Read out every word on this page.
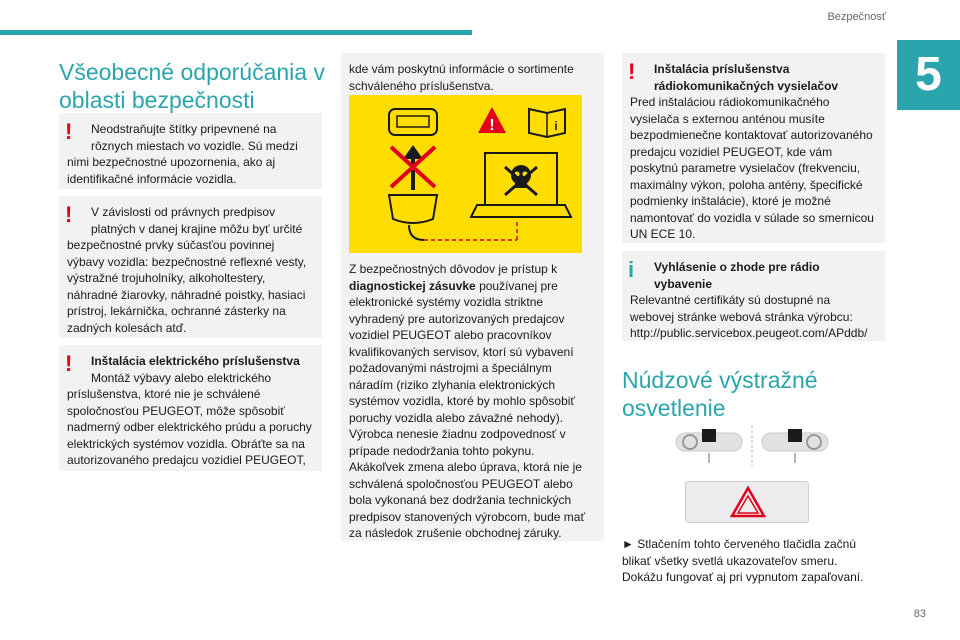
Bezpečnosť
5
83
Všeobecné odporúčania v
oblasti bezpečnosti
!	Neodstraňujte štítky pripevnené na
rôznych miestach vo vozidle. Sú medzi
nimi bezpečnostné upozornenia, ako aj
identifikačné informácie vozidla.
!	V závislosti od právnych predpisov
platných v danej krajine môžu byť určité
bezpečnostné prvky súčasťou povinnej
výbavy vozidla: bezpečnostné reflexné vesty,
výstražné trojuholníky, alkoholtestery,
náhradné žiarovky, náhradné poistky, hasiaci
prístroj, lekárnička, ochranné zásterky na
zadných kolesách atď.
!	Inštalácia elektrického príslušenstva
Montáž výbavy alebo elektrického
príslušenstva, ktoré nie je schválené
spoločnosťou PEUGEOT, môže spôsobiť
nadmerný odber elektrického prúdu a poruchy
elektrických systémov vozidla. Obráťte sa na
autorizovaného predajcu vozidiel PEUGEOT,
kde vám poskytnú informácie o sortimente
schváleného príslušenstva.
!	i
Z bezpečnostných dôvodov je prístup k
diagnostickej zásuvke používanej pre
elektronické systémy vozidla striktne
vyhradený pre autorizovaných predajcov
vozidiel PEUGEOT alebo pracovníkov
kvalifikovaných servisov, ktorí sú vybavení
požadovanými nástrojmi a špeciálnym
náradím (riziko zlyhania elektronických
systémov vozidla, ktoré by mohlo spôsobiť
poruchy vozidla alebo závažné nehody).
Výrobca nenesie žiadnu zodpovednosť v
prípade nedodržania tohto pokynu.
Akákoľvek zmena alebo úprava, ktorá nie je
schválená spoločnosťou PEUGEOT alebo
bola vykonaná bez dodržania technických
predpisov stanovených výrobcom, bude mať
za následok zrušenie obchodnej záruky.
!	Inštalácia príslušenstva
rádiokomunikačných vysielačov
Pred inštaláciou rádiokomunikačného
vysielača s externou anténou musíte
bezpodmienečne kontaktovať autorizovaného
predajcu vozidiel PEUGEOT, kde vám
poskytnú parametre vysielačov (frekvenciu,
maximálny výkon, poloha antény, špecifické
podmienky inštalácie), ktoré je možné
namontovať do vozidla v súlade so smernicou
UN ECE 10.
i	Vyhlásenie o zhode pre rádio
vybavenie
Relevantné certifikáty sú dostupné na
webovej stránke webová stránka výrobcu:
http://public.servicebox.peugeot.com/APddb/
Núdzové výstražné
osvetlenie
► Stlačením tohto červeného tlačidla začnú
blikať všetky svetlá ukazovateľov smeru.
Dokážu fungovať aj pri vypnutom zapaľovaní.
